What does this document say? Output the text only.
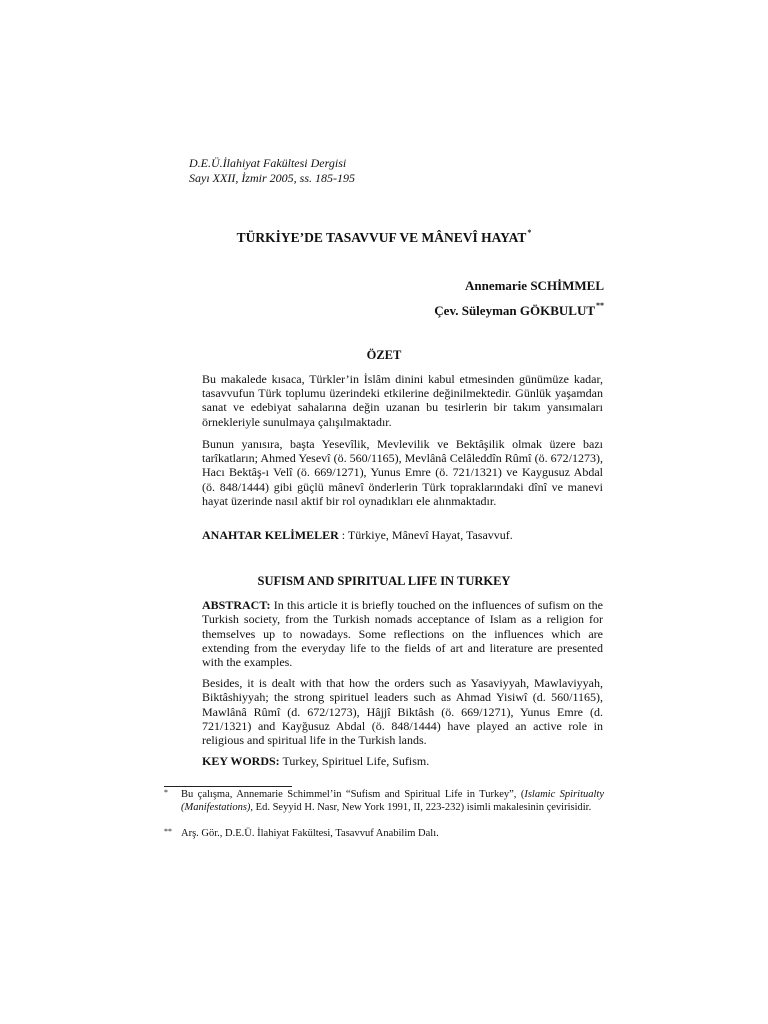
D.E.Ü.İlahiyat Fakültesi Dergisi
Sayı XXII, İzmir 2005, ss. 185-195
TÜRKİYE’DE TASAVVUF VE MÂNEVÎ HAYAT*
Annemarie SCHİMMEL
Çev. Süleyman GÖKBULUT**
ÖZET

Bu makalede kısaca, Türkler’in İslâm dinini kabul etmesinden günümüze kadar, tasavvufun Türk toplumu üzerindeki etkilerine değinilmektedir. Günlük yaşamdan sanat ve edebiyat sahalarına değin uzanan bu tesirlerin bir takım yansımaları örnekleriyle sunulmaya çalışılmaktadır.

Bunun yanısıra, başta Yesevîlik, Mevlevilik ve Bektâşilik olmak üzere bazı tarîkatların; Ahmed Yesevî (ö. 560/1165), Mevlânâ Celâleddîn Rûmî (ö. 672/1273), Hacı Bektâş-ı Velî (ö. 669/1271), Yunus Emre (ö. 721/1321) ve Kaygusuz Abdal (ö. 848/1444) gibi güçlü mânevî önderlerin Türk topraklarındaki dînî ve manevi hayat üzerinde nasıl aktif bir rol oynadıkları ele alınmaktadır.

ANAHTAR KELİMELER : Türkiye, Mânevî Hayat, Tasavvuf.

SUFISM AND SPIRITUAL LIFE IN TURKEY

ABSTRACT: In this article it is briefly touched on the influences of sufism on the Turkish society, from the Turkish nomads acceptance of Islam as a religion for themselves up to nowadays. Some reflections on the influences which are extending from the everyday life to the fields of art and literature are presented with the examples.

Besides, it is dealt with that how the orders such as Yasaviyyah, Mawlaviyyah, Biktâshiyyah; the strong spirituel leaders such as Ahmad Yisiwî (d. 560/1165), Mawlânâ Rûmî (d. 672/1273), Hâjjî Biktâsh (ö. 669/1271), Yunus Emre (d. 721/1321) and Kayğusuz Abdal (ö. 848/1444) have played an active role in religious and spiritual life in the Turkish lands.

KEY WORDS: Turkey, Spirituel Life, Sufism.

* Bu çalışma, Annemarie Schimmel’in “Sufism and Spiritual Life in Turkey”, (Islamic Spiritualty (Manifestations), Ed. Seyyid H. Nasr, New York 1991, II, 223-232) isimli makalesinin çevirisidir.
** Arş. Gör., D.E.Ü. İlahiyat Fakültesi, Tasavvuf Anabilim Dalı.
